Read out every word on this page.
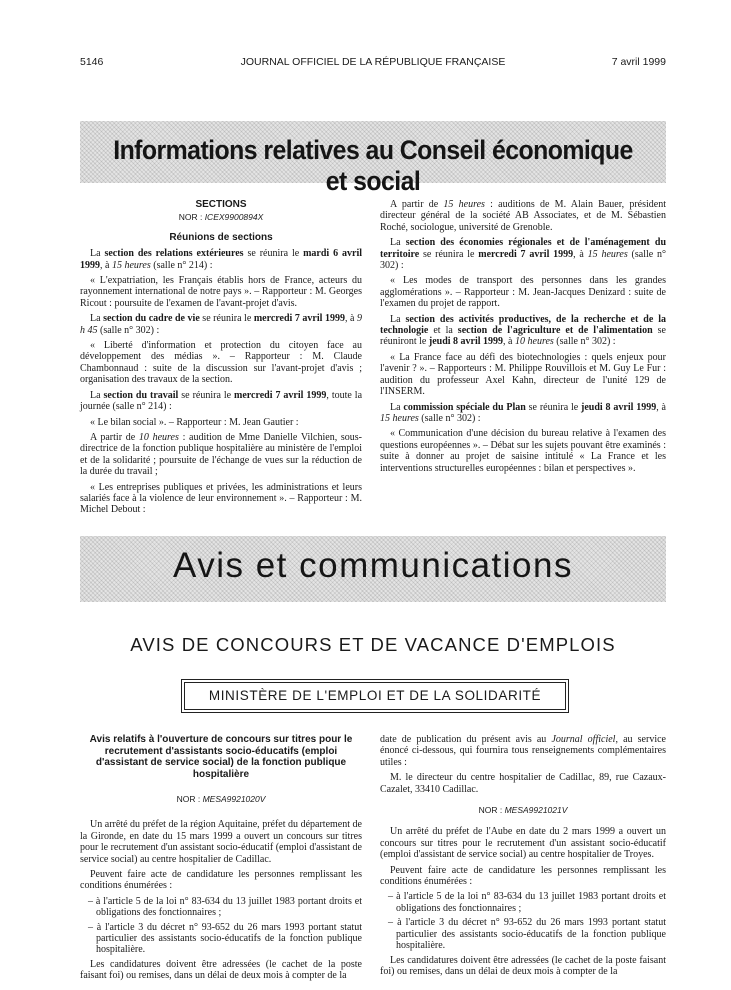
5146	JOURNAL OFFICIEL DE LA RÉPUBLIQUE FRANÇAISE	7 avril 1999
Informations relatives au Conseil économique et social
SECTIONS
NOR : ICEX9900894X
Réunions de sections

La section des relations extérieures se réunira le mardi 6 avril 1999, à 15 heures (salle n° 214) :

« L'expatriation, les Français établis hors de France, acteurs du rayonnement international de notre pays ». – Rapporteur : M. Georges Ricout : poursuite de l'examen de l'avant-projet d'avis.

La section du cadre de vie se réunira le mercredi 7 avril 1999, à 9 h 45 (salle n° 302) :

« Liberté d'information et protection du citoyen face au développement des médias ». – Rapporteur : M. Claude Chambonnaud : suite de la discussion sur l'avant-projet d'avis ; organisation des travaux de la section.

La section du travail se réunira le mercredi 7 avril 1999, toute la journée (salle n° 214) :

« Le bilan social ». – Rapporteur : M. Jean Gautier :

A partir de 10 heures : audition de Mme Danielle Vilchien, sous-directrice de la fonction publique hospitalière au ministère de l'emploi et de la solidarité ; poursuite de l'échange de vues sur la réduction de la durée du travail ;

« Les entreprises publiques et privées, les administrations et leurs salariés face à la violence de leur environnement ». – Rapporteur : M. Michel Debout :

A partir de 15 heures : auditions de M. Alain Bauer, président directeur général de la société AB Associates, et de M. Sébastien Roché, sociologue, université de Grenoble.

La section des économies régionales et de l'aménagement du territoire se réunira le mercredi 7 avril 1999, à 15 heures (salle n° 302) :

« Les modes de transport des personnes dans les grandes agglomérations ». – Rapporteur : M. Jean-Jacques Denizard : suite de l'examen du projet de rapport.

La section des activités productives, de la recherche et de la technologie et la section de l'agriculture et de l'alimentation se réuniront le jeudi 8 avril 1999, à 10 heures (salle n° 302) :

« La France face au défi des biotechnologies : quels enjeux pour l'avenir ? ». – Rapporteurs : M. Philippe Rouvillois et M. Guy Le Fur : audition du professeur Axel Kahn, directeur de l'unité 129 de l'INSERM.

La commission spéciale du Plan se réunira le jeudi 8 avril 1999, à 15 heures (salle n° 302) :

« Communication d'une décision du bureau relative à l'examen des questions européennes ». – Débat sur les sujets pouvant être examinés : suite à donner au projet de saisine intitulé « La France et les interventions structurelles européennes : bilan et perspectives ».

Avis et communications
AVIS DE CONCOURS ET DE VACANCE D'EMPLOIS
MINISTÈRE DE L'EMPLOI ET DE LA SOLIDARITÉ
Avis relatifs à l'ouverture de concours sur titres pour le recrutement d'assistants socio-éducatifs (emploi d'assistant de service social) de la fonction publique hospitalière
NOR : MESA9921020V

Un arrêté du préfet de la région Aquitaine, préfet du département de la Gironde, en date du 15 mars 1999 a ouvert un concours sur titres pour le recrutement d'un assistant socio-éducatif (emploi d'assistant de service social) au centre hospitalier de Cadillac.

Peuvent faire acte de candidature les personnes remplissant les conditions énumérées :

– à l'article 5 de la loi n° 83-634 du 13 juillet 1983 portant droits et obligations des fonctionnaires ;
– à l'article 3 du décret n° 93-652 du 26 mars 1993 portant statut particulier des assistants socio-éducatifs de la fonction publique hospitalière.

Les candidatures doivent être adressées (le cachet de la poste faisant foi) ou remises, dans un délai de deux mois à compter de la

date de publication du présent avis au Journal officiel, au service énoncé ci-dessous, qui fournira tous renseignements complémentaires utiles :

M. le directeur du centre hospitalier de Cadillac, 89, rue Cazaux-Cazalet, 33410 Cadillac.

NOR : MESA9921021V

Un arrêté du préfet de l'Aube en date du 2 mars 1999 a ouvert un concours sur titres pour le recrutement d'un assistant socio-éducatif (emploi d'assistant de service social) au centre hospitalier de Troyes.

Peuvent faire acte de candidature les personnes remplissant les conditions énumérées :

– à l'article 5 de la loi n° 83-634 du 13 juillet 1983 portant droits et obligations des fonctionnaires ;
– à l'article 3 du décret n° 93-652 du 26 mars 1993 portant statut particulier des assistants socio-éducatifs de la fonction publique hospitalière.

Les candidatures doivent être adressées (le cachet de la poste faisant foi) ou remises, dans un délai de deux mois à compter de la
